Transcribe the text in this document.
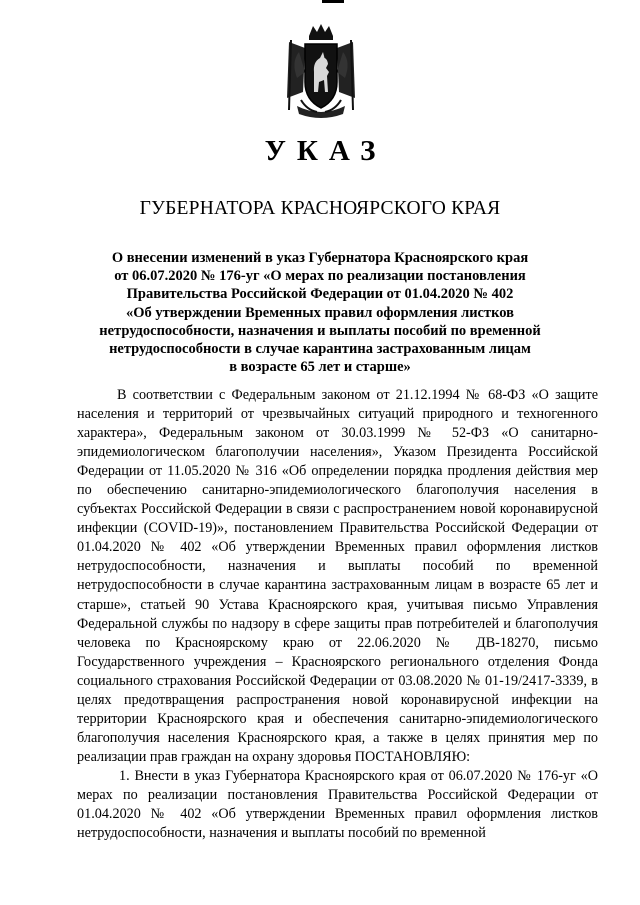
УКАЗ
ГУБЕРНАТОРА КРАСНОЯРСКОГО КРАЯ
О внесении изменений в указ Губернатора Красноярского края
от 06.07.2020 № 176-уг «О мерах по реализации постановления
Правительства Российской Федерации от 01.04.2020 № 402
«Об утверждении Временных правил оформления листков
нетрудоспособности, назначения и выплаты пособий по временной
нетрудоспособности в случае карантина застрахованным лицам
в возрасте 65 лет и старше»

В соответствии с Федеральным законом от 21.12.1994 № 68-ФЗ «О защите населения и территорий от чрезвычайных ситуаций природного и техногенного характера», Федеральным законом от 30.03.1999 № 52-ФЗ «О санитарно-эпидемиологическом благополучии населения», Указом Президента Российской Федерации от 11.05.2020 № 316 «Об определении порядка продления действия мер по обеспечению санитарно-эпидемиологического благополучия населения в субъектах Российской Федерации в связи с распространением новой коронавирусной инфекции (COVID-19)», постановлением Правительства Российской Федерации от 01.04.2020 № 402 «Об утверждении Временных правил оформления листков нетрудоспособности, назначения и выплаты пособий по временной нетрудоспособности в случае карантина застрахованным лицам в возрасте 65 лет и старше», статьей 90 Устава Красноярского края, учитывая письмо Управления Федеральной службы по надзору в сфере защиты прав потребителей и благополучия человека по Красноярскому краю от 22.06.2020 № ДВ-18270, письмо Государственного учреждения – Красноярского регионального отделения Фонда социального страхования Российской Федерации от 03.08.2020 № 01-19/2417-3339, в целях предотвращения распространения новой коронавирусной инфекции на территории Красноярского края и обеспечения санитарно-эпидемиологического благополучия населения Красноярского края, а также в целях принятия мер по реализации прав граждан на охрану здоровья ПОСТАНОВЛЯЮ:

1. Внести в указ Губернатора Красноярского края от 06.07.2020 № 176-уг «О мерах по реализации постановления Правительства Российской Федерации от 01.04.2020 № 402 «Об утверждении Временных правил оформления листков нетрудоспособности, назначения и выплаты пособий по временной
